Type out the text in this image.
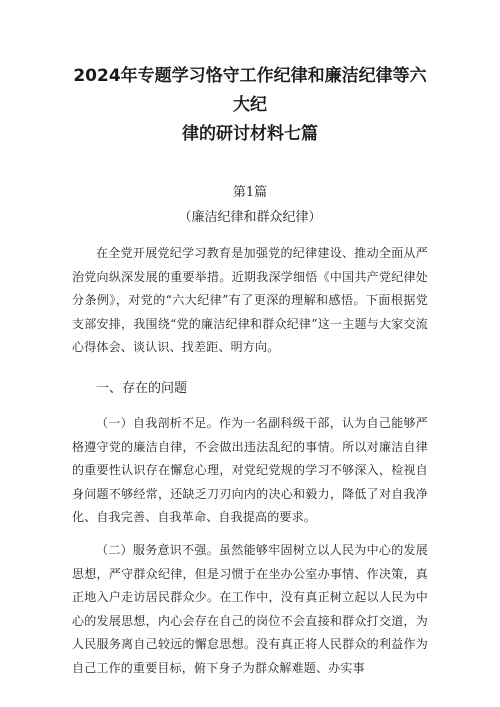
2024年专题学习恪守工作纪律和廉洁纪律等六大纪
律的研讨材料七篇
第1篇
（廉洁纪律和群众纪律）

在全党开展党纪学习教育是加强党的纪律建设、推动全面从严治党向纵深发展的重要举措。近期我深学细悟《中国共产党纪律处分条例》，对党的“六大纪律”有了更深的理解和感悟。下面根据党支部安排，我围绕“党的廉洁纪律和群众纪律”这一主题与大家交流心得体会、谈认识、找差距、明方向。

一、存在的问题

（一）自我剖析不足。作为一名副科级干部，认为自己能够严格遵守党的廉洁自律，不会做出违法乱纪的事情。所以对廉洁自律的重要性认识存在懈怠心理，对党纪党规的学习不够深入，检视自身问题不够经常，还缺乏刀刃向内的决心和毅力，降低了对自我净化、自我完善、自我革命、自我提高的要求。

（二）服务意识不强。虽然能够牢固树立以人民为中心的发展思想，严守群众纪律，但是习惯于在坐办公室办事情、作决策，真正地入户走访居民群众少。在工作中，没有真正树立起以人民为中心的发展思想，内心会存在自己的岗位不会直接和群众打交道，为人民服务离自己较远的懈怠思想。没有真正将人民群众的利益作为自己工作的重要目标，俯下身子为群众解难题、办实事
